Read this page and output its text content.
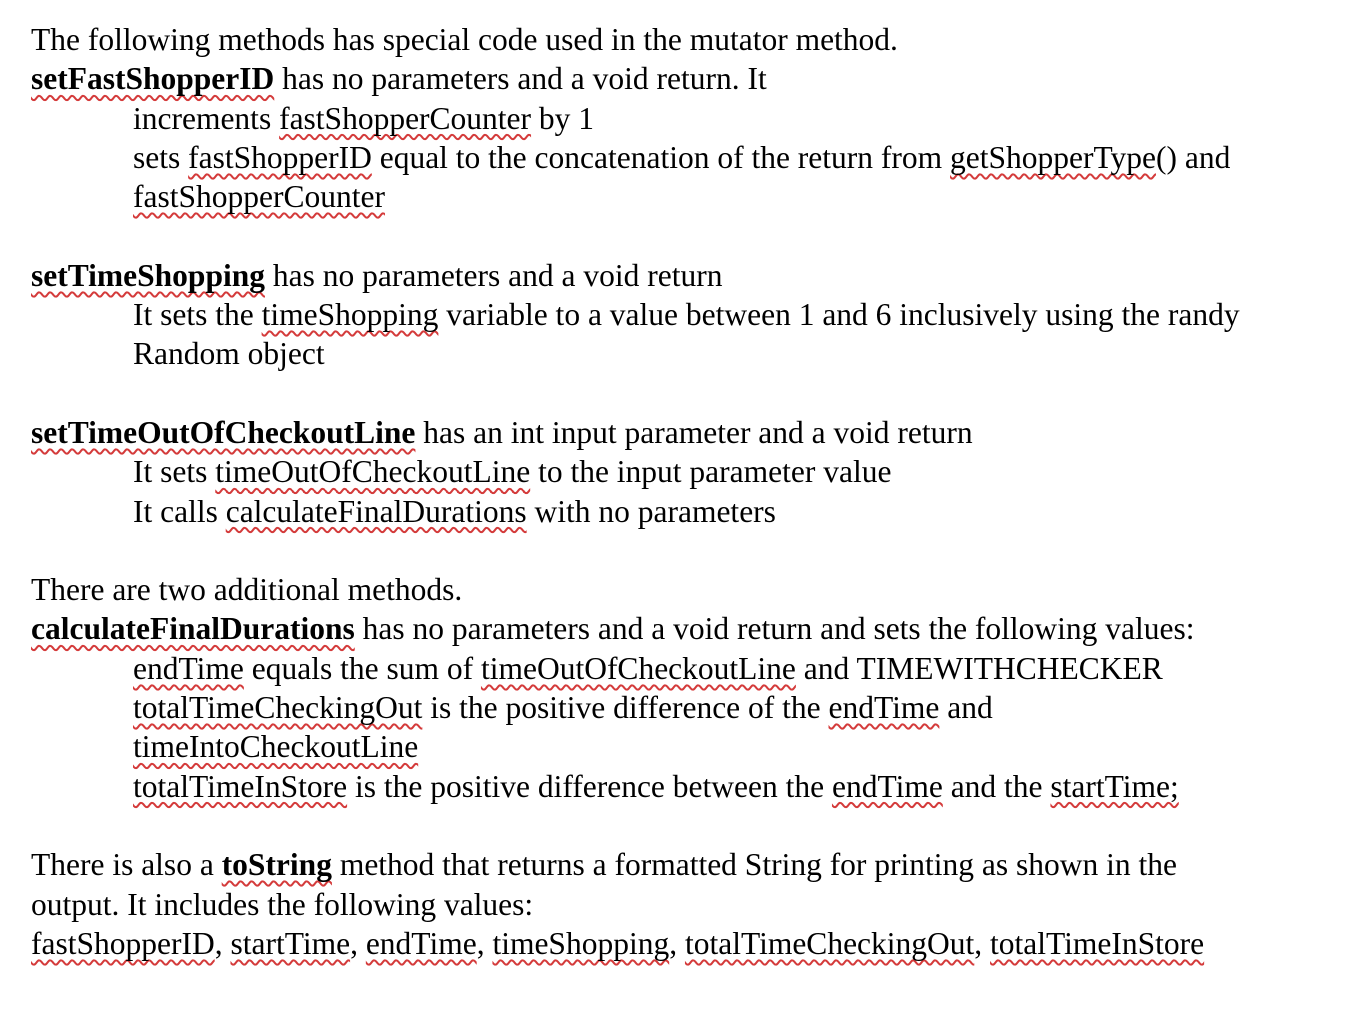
The following methods has special code used in the mutator method.
setFastShopperID has no parameters and a void return. It
increments fastShopperCounter by 1
sets fastShopperID equal to the concatenation of the return from getShopperType() and
fastShopperCounter
setTimeShopping has no parameters and a void return
It sets the timeShopping variable to a value between 1 and 6 inclusively using the randy
Random object
setTimeOutOfCheckoutLine has an int input parameter and a void return
It sets timeOutOfCheckoutLine to the input parameter value
It calls calculateFinalDurations with no parameters
There are two additional methods.
calculateFinalDurations has no parameters and a void return and sets the following values:
endTime equals the sum of timeOutOfCheckoutLine and TIMEWITHCHECKER
totalTimeCheckingOut is the positive difference of the endTime and
timeIntoCheckoutLine
totalTimeInStore is the positive difference between the endTime and the startTime;
There is also a toString method that returns a formatted String for printing as shown in the
output. It includes the following values:
fastShopperID, startTime, endTime, timeShopping, totalTimeCheckingOut, totalTimeInStore
